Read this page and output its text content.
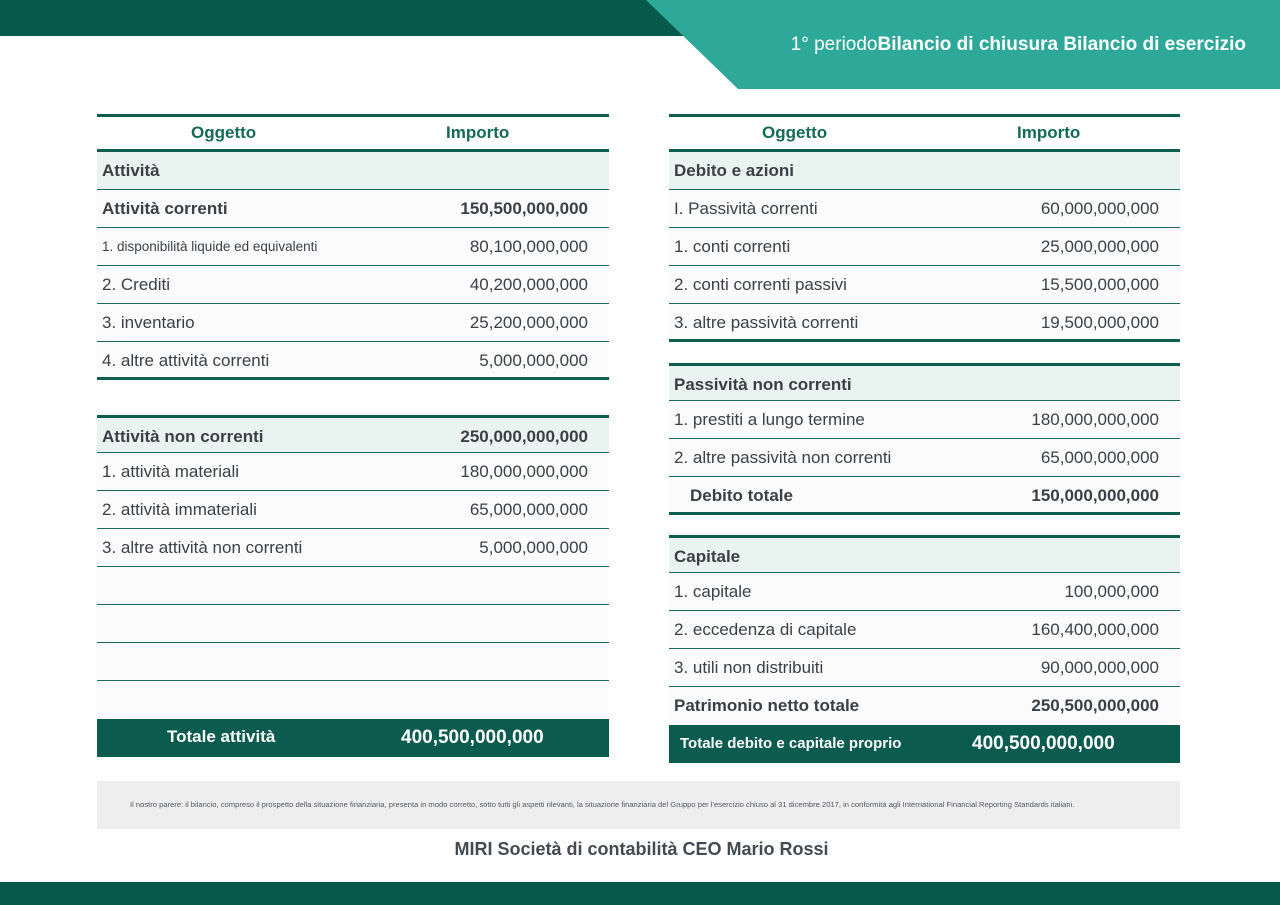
1° periodo Bilancio di chiusura Bilancio di esercizio
Oggetto	Importo
Attività
Attività correnti	150,500,000,000
1. disponibilità liquide ed equivalenti	80,100,000,000
2. Crediti	40,200,000,000
3. inventario	25,200,000,000
4. altre attività correnti	5,000,000,000
Attività non correnti	250,000,000,000
1. attività materiali	180,000,000,000
2. attività immateriali	65,000,000,000
3. altre attività non correnti	5,000,000,000
Totale attività	400,500,000,000
Oggetto	Importo
Debito e azioni
I. Passività correnti	60,000,000,000
1. conti correnti	25,000,000,000
2. conti correnti passivi	15,500,000,000
3. altre passività correnti	19,500,000,000
Passività non correnti
1. prestiti a lungo termine	180,000,000,000
2. altre passività non correnti	65,000,000,000
Debito totale	150,000,000,000
Capitale
1. capitale	100,000,000
2. eccedenza di capitale	160,400,000,000
3. utili non distribuiti	90,000,000,000
Patrimonio netto totale	250,500,000,000
Totale debito e capitale proprio	400,500,000,000
Il nostro parere: il bilancio, compreso il prospetto della situazione finanziaria, presenta in modo corretto, sotto tutti gli aspetti rilevanti, la situazione finanziaria del Gruppo per l'esercizio chiuso al 31 dicembre 2017, in conformità agli International Financial Reporting Standards italiani.
MIRI Società di contabilità CEO Mario Rossi
